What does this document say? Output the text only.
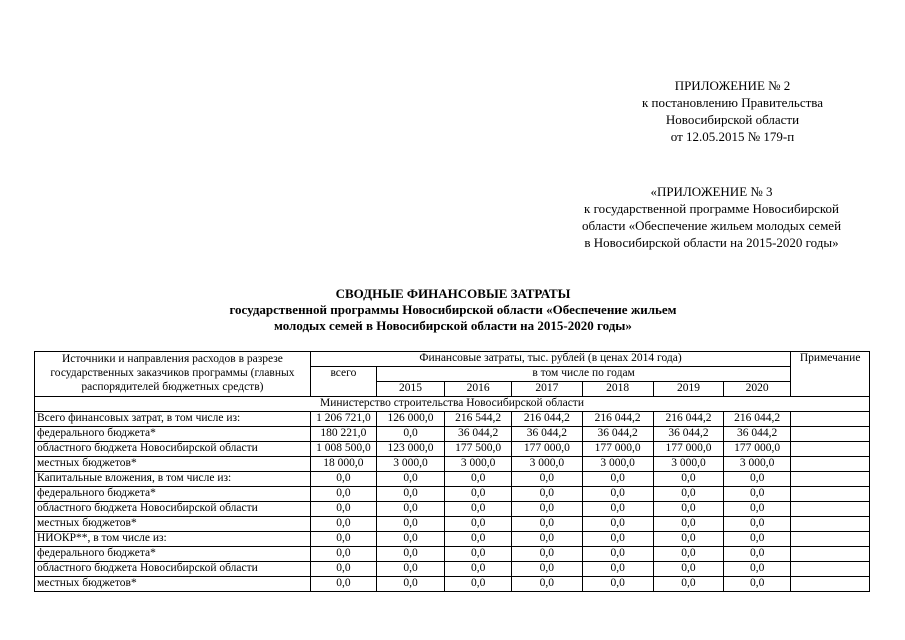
ПРИЛОЖЕНИЕ № 2
к постановлению Правительства
Новосибирской области
от 12.05.2015 № 179-п
«ПРИЛОЖЕНИЕ № 3
к государственной программе Новосибирской
области «Обеспечение жильем молодых семей
в Новосибирской области на 2015-2020 годы»
СВОДНЫЕ ФИНАНСОВЫЕ ЗАТРАТЫ
государственной программы Новосибирской области «Обеспечение жильем
молодых семей в Новосибирской области на 2015-2020 годы»
Источники и направления расходов в разрезе государственных заказчиков программы (главных распорядителей бюджетных средств)	Финансовые затраты, тыс. рублей (в ценах 2014 года)							Примечание
	всего	в том числе по годам						
		2015	2016	2017	2018	2019	2020	
Министерство строительства Новосибирской области								
Всего финансовых затрат, в том числе из:	1 206 721,0	126 000,0	216 544,2	216 044,2	216 044,2	216 044,2	216 044,2	
федерального бюджета*	180 221,0	0,0	36 044,2	36 044,2	36 044,2	36 044,2	36 044,2	
областного бюджета Новосибирской области	1 008 500,0	123 000,0	177 500,0	177 000,0	177 000,0	177 000,0	177 000,0	
местных бюджетов*	18 000,0	3 000,0	3 000,0	3 000,0	3 000,0	3 000,0	3 000,0	
Капитальные вложения, в том числе из:	0,0	0,0	0,0	0,0	0,0	0,0	0,0	
федерального бюджета*	0,0	0,0	0,0	0,0	0,0	0,0	0,0	
областного бюджета Новосибирской области	0,0	0,0	0,0	0,0	0,0	0,0	0,0	
местных бюджетов*	0,0	0,0	0,0	0,0	0,0	0,0	0,0	
НИОКР**, в том числе из:	0,0	0,0	0,0	0,0	0,0	0,0	0,0	
федерального бюджета*	0,0	0,0	0,0	0,0	0,0	0,0	0,0	
областного бюджета Новосибирской области	0,0	0,0	0,0	0,0	0,0	0,0	0,0	
местных бюджетов*	0,0	0,0	0,0	0,0	0,0	0,0	0,0	
